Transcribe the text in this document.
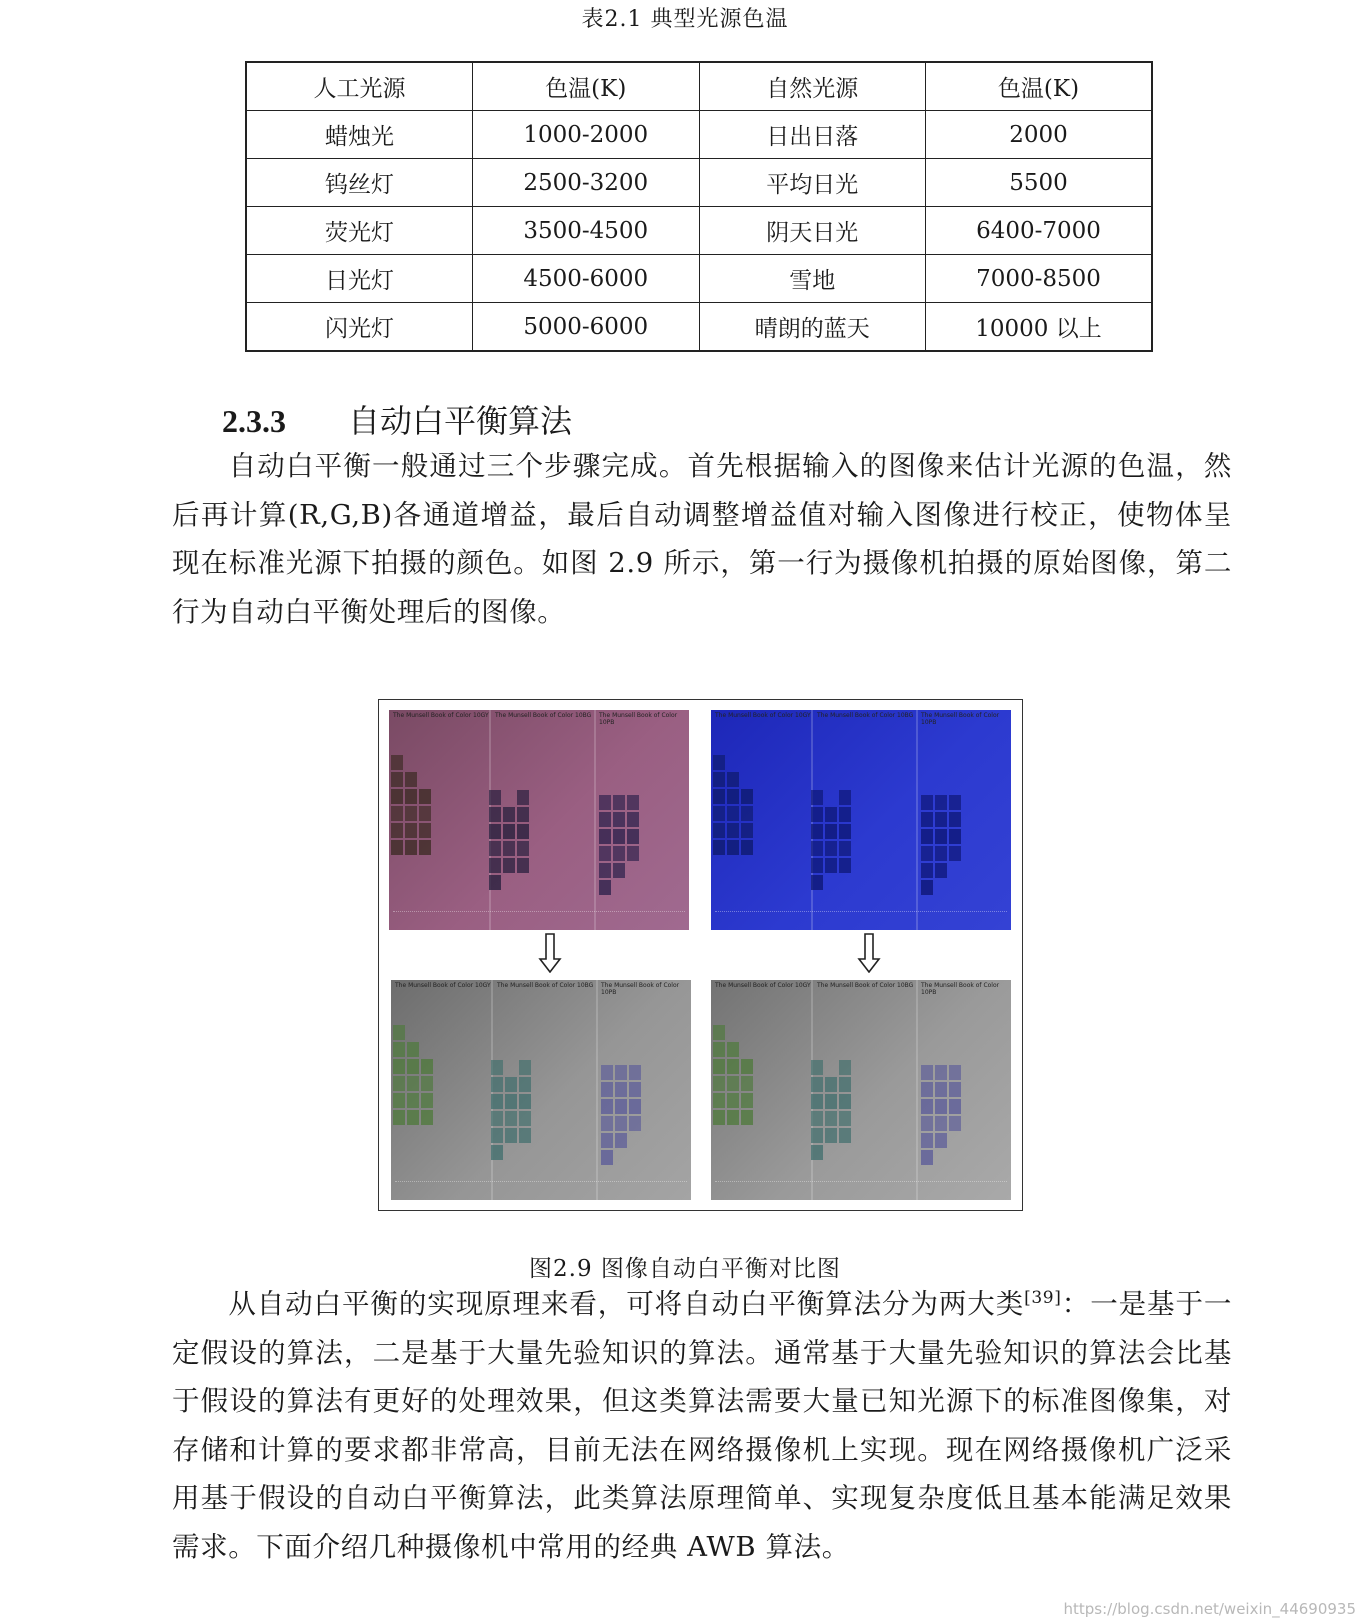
表2.1 典型光源色温
人工光源	色温(K)	自然光源	色温(K)
蜡烛光	1000-2000	日出日落	2000
钨丝灯	2500-3200	平均日光	5500
荧光灯	3500-4500	阴天日光	6400-7000
日光灯	4500-6000	雪地	7000-8500
闪光灯	5000-6000	晴朗的蓝天	10000 以上
2.3.3 自动白平衡算法
自动白平衡一般通过三个步骤完成。首先根据输入的图像来估计光源的色温，然后再计算(R,G,B)各通道增益，最后自动调整增益值对输入图像进行校正，使物体呈现在标准光源下拍摄的颜色。如图 2.9 所示，第一行为摄像机拍摄的原始图像，第二行为自动白平衡处理后的图像。
The Munsell Book of Color 10GY The Munsell Book of Color 10BG The Munsell Book of Color 10PB
The Munsell Book of Color 10GY The Munsell Book of Color 10BG The Munsell Book of Color 10PB
The Munsell Book of Color 10GY The Munsell Book of Color 10BG The Munsell Book of Color 10PB
The Munsell Book of Color 10GY The Munsell Book of Color 10BG The Munsell Book of Color 10PB
图2.9 图像自动白平衡对比图
从自动白平衡的实现原理来看，可将自动白平衡算法分为两大类[39]：一是基于一定假设的算法，二是基于大量先验知识的算法。通常基于大量先验知识的算法会比基于假设的算法有更好的处理效果，但这类算法需要大量已知光源下的标准图像集，对存储和计算的要求都非常高，目前无法在网络摄像机上实现。现在网络摄像机广泛采用基于假设的自动白平衡算法，此类算法原理简单、实现复杂度低且基本能满足效果需求。下面介绍几种摄像机中常用的经典 AWB 算法。
https://blog.csdn.net/weixin_44690935
